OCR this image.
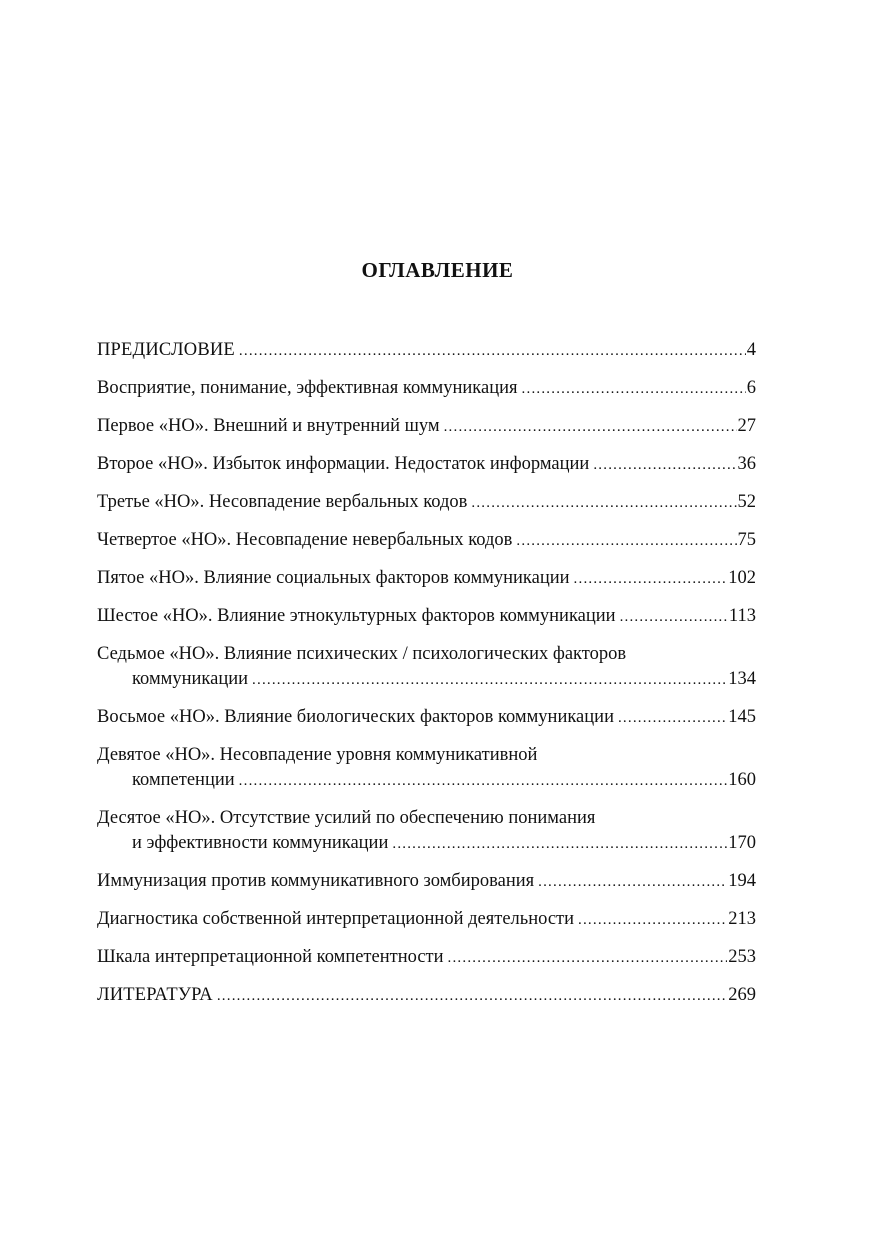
ОГЛАВЛЕНИЕ
ПРЕДИСЛОВИЕ .....	4
Восприятие, понимание, эффективная коммуникация .....	6
Первое «НО». Внешний и внутренний шум .....	27
Второе «НО». Избыток информации. Недостаток информации .....	36
Третье «НО». Несовпадение вербальных кодов .....	52
Четвертое «НО». Несовпадение невербальных кодов .....	75
Пятое «НО». Влияние социальных факторов коммуникации .....	102
Шестое «НО». Влияние этнокультурных факторов коммуникации .....	113
Седьмое «НО». Влияние психических / психологических факторов
коммуникации .....	134
Восьмое «НО». Влияние биологических факторов коммуникации .....	145
Девятое «НО». Несовпадение уровня коммуникативной
компетенции .....	160
Десятое «НО». Отсутствие усилий по обеспечению понимания
и эффективности коммуникации .....	170
Иммунизация против коммуникативного зомбирования .....	194
Диагностика собственной интерпретационной деятельности .....	213
Шкала интерпретационной компетентности .....	253
ЛИТЕРАТУРА .....	269
